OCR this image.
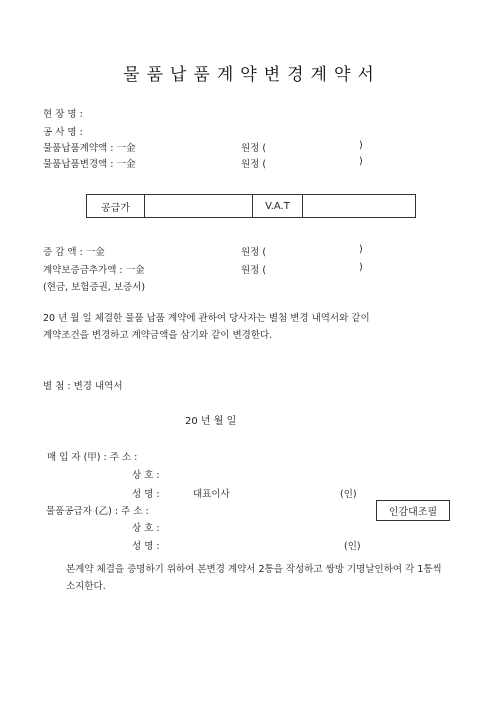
물품납품계약변경계약서
현 장 명 :
공 사 명 :
물품납품계약액 : 一金	원정 (	)
물품납품변경액 : 一金	원정 (	)
공급가	V.A.T
증 감 액 : 一金	원정 (	)
계약보증금추가액 : 一金	원정 (	)
(현금, 보험증권, 보증서)
20 년 월 일 체결한 물품 납품 계약에 관하여 당사자는 별첨 변경 내역서와 같이
계약조건을 변경하고 계약금액을 삼기와 같이 변경한다.
별 첨 : 변경 내역서
20 년 월 일
매 입 자 (甲) : 주 소 :
상 호 :
성 명 :	대표이사	(인)
물품공급자 (乙) : 주 소 :
상 호 :
성 명 :	(인)
인감대조필
본계약 체결을 증명하기 위하여 본변경 계약서 2통을 작성하고 쌍방 기명날인하여 각 1통씩
소지한다.
